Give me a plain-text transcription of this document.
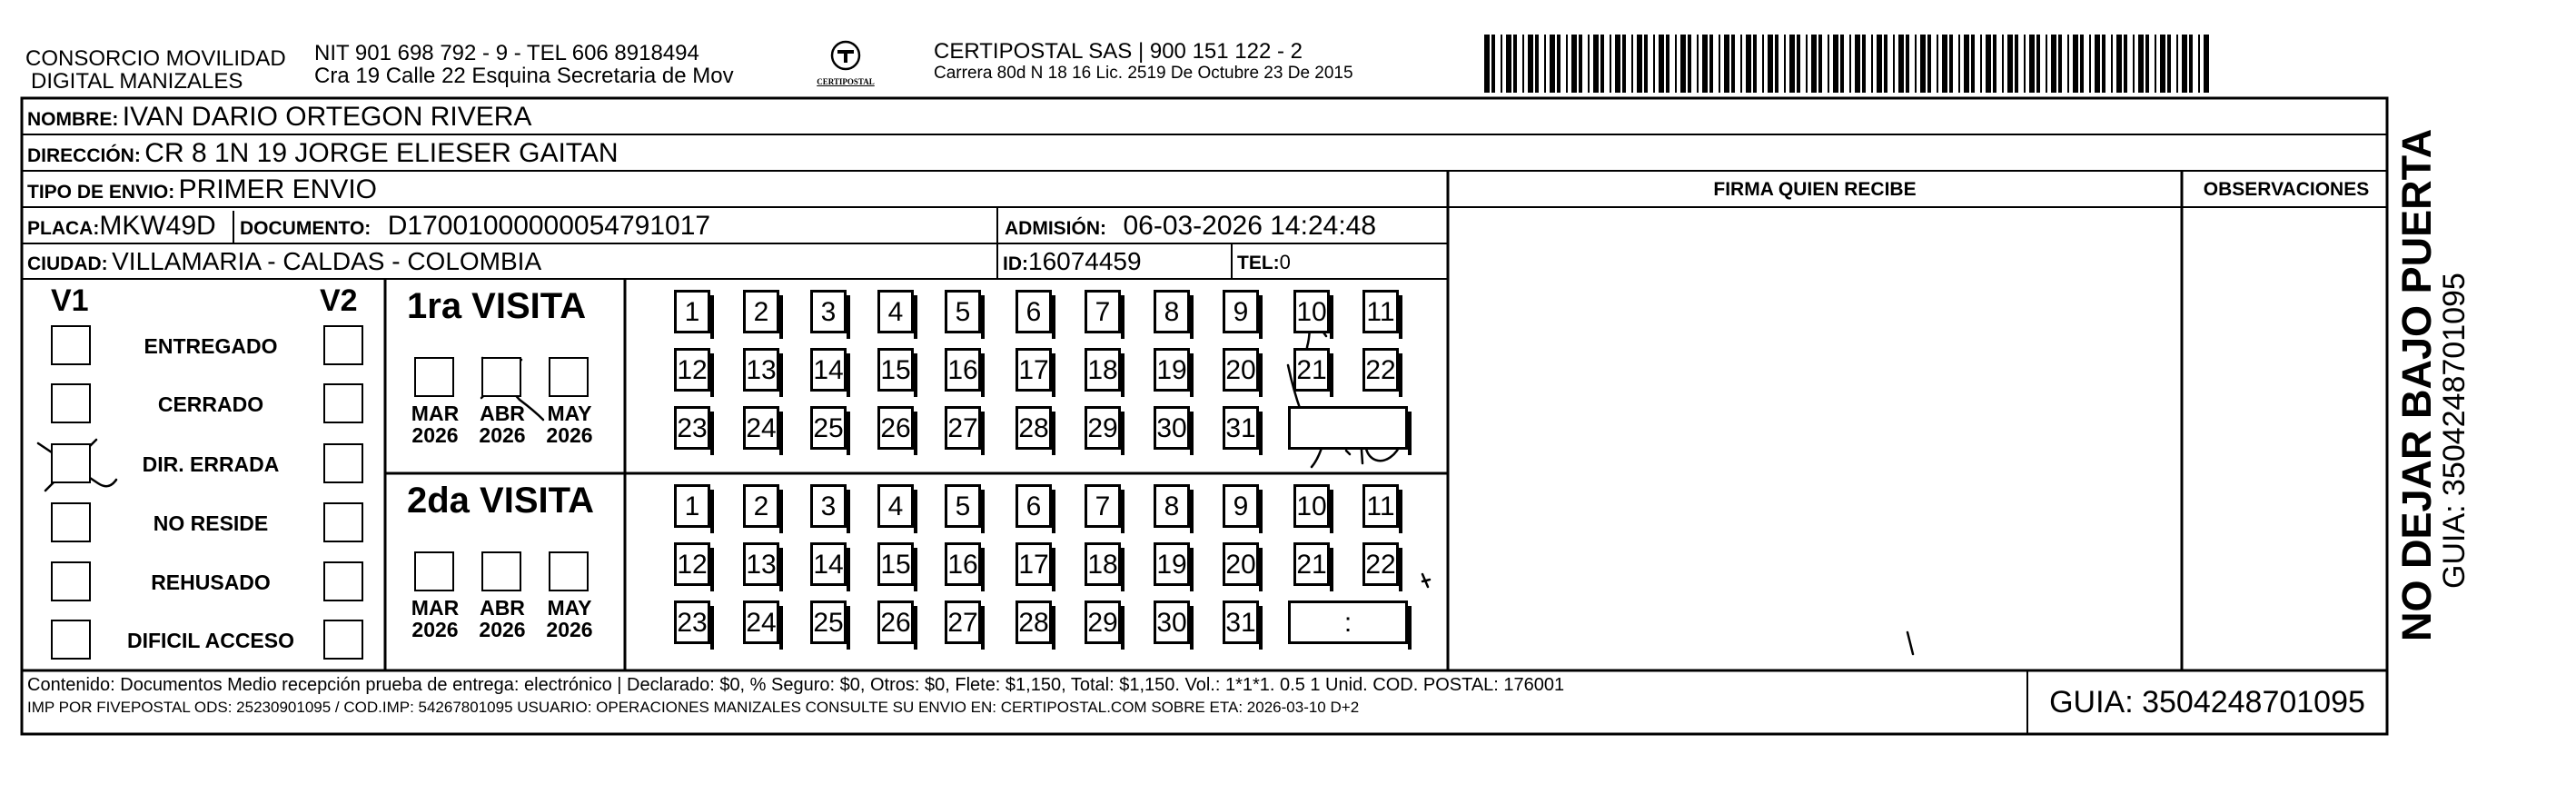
CONSORCIO MOVILIDAD
DIGITAL MANIZALES
NIT 901 698 792 - 9 - TEL 606 8918494
Cra 19 Calle 22 Esquina Secretaria de Mov	CERTIPOSTAL
CERTIPOSTAL SAS | 900 151 122 - 2
Carrera 80d N 18 16 Lic. 2519 De Octubre 23 De 2015
NOMBRE: IVAN DARIO ORTEGON RIVERA
DIRECCIÓN: CR 8 1N 19 JORGE ELIESER GAITAN
TIPO DE ENVIO: PRIMER ENVIO
PLACA:MKW49D	DOCUMENTO: D17001000000054791017	ADMISIÓN: 06-03-2026 14:24:48
CIUDAD: VILLAMARIA - CALDAS - COLOMBIA	ID:16074459	TEL:0
FIRMA QUIEN RECIBE	OBSERVACIONES
V1	V2
ENTREGADO
CERRADO
DIR. ERRADA
NO RESIDE
REHUSADO
DIFICIL ACCESO
1ra VISITA
MAR
2026
ABR
2026
MAY
2026
1	2	3	4	5	6	7	8	9	10 11
12 13 14 15 16 17 18 19 20 21 22
23 24 25 26 27 28 29 30 31
2da VISITA
MAR
2026
ABR
2026
MAY
2026
1	2	3	4	5	6	7	8	9	10 11
12 13 14 15 16 17 18 19 20 21 22
23 24 25 26 27 28 29 30 31	:
Contenido: Documentos Medio recepción prueba de entrega: electrónico | Declarado: $0, % Seguro: $0, Otros: $0, Flete: $1,150, Total: $1,150. Vol.: 1*1*1. 0.5 1 Unid. COD. POSTAL: 176001
IMP POR FIVEPOSTAL ODS: 25230901095 / COD.IMP: 54267801095 USUARIO: OPERACIONES MANIZALES CONSULTE SU ENVIO EN: CERTIPOSTAL.COM SOBRE ETA: 2026-03-10 D+2	GUIA: 3504248701095
NO DEJAR BAJO PUERTA
GUIA: 3504248701095
